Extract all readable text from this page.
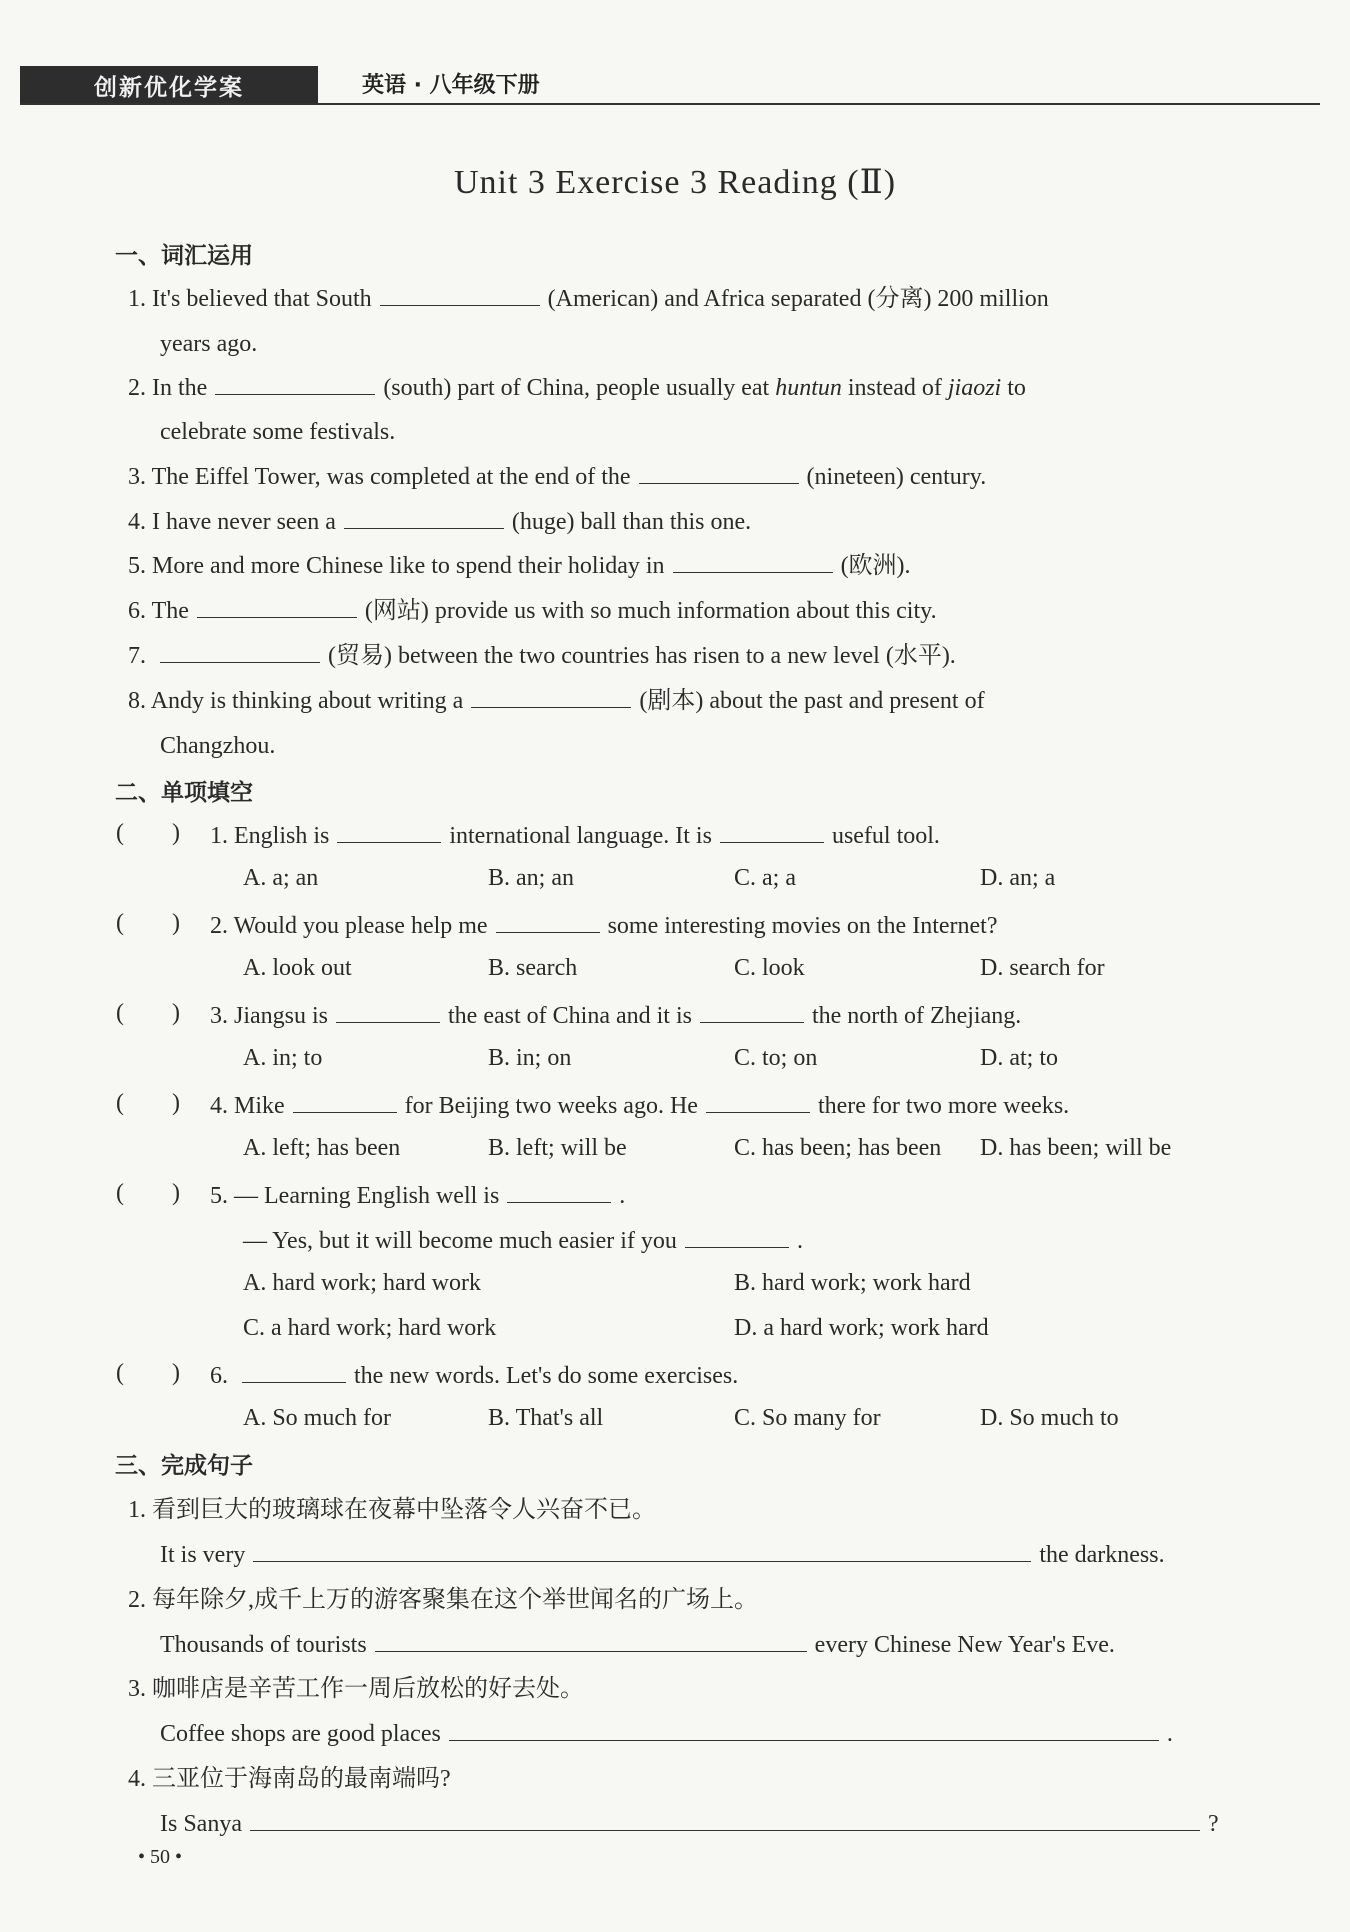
创新优化学案	英语 · 八年级下册
Unit 3 Exercise 3 Reading (Ⅱ)
一、词汇运用
1. It's believed that South	(American) and Africa separated (分离) 200 million
years ago.
2. In the	(south) part of China, people usually eat huntun instead of jiaozi to
celebrate some festivals.
3. The Eiffel Tower, was completed at the end of the	(nineteen) century.
4. I have never seen a	(huge) ball than this one.
5. More and more Chinese like to spend their holiday in	(欧洲).
6. The	(网站) provide us with so much information about this city.
7.	(贸易) between the two countries has risen to a new level (水平).
8. Andy is thinking about writing a	(剧本) about the past and present of
Changzhou.
二、单项填空
(        ) 1. English is	international language. It is	useful tool.
A. a; an	B. an; an	C. a; a	D. an; a
(        ) 2. Would you please help me	some interesting movies on the Internet?
A. look out	B. search	C. look	D. search for
(        ) 3. Jiangsu is	the east of China and it is	the north of Zhejiang.
A. in; to	B. in; on	C. to; on	D. at; to
(        ) 4. Mike	for Beijing two weeks ago. He	there for two more weeks.
A. left; has been	B. left; will be	C. has been; has been D. has been; will be
(        ) 5. — Learning English well is	.
— Yes, but it will become much easier if you	.
A. hard work; hard work	B. hard work; work hard
C. a hard work; hard work	D. a hard work; work hard
(        ) 6.	the new words. Let's do some exercises.
A. So much for	B. That's all	C. So many for	D. So much to
三、完成句子
1. 看到巨大的玻璃球在夜幕中坠落令人兴奋不已。
It is very	the darkness.
2. 每年除夕,成千上万的游客聚集在这个举世闻名的广场上。
Thousands of tourists	every Chinese New Year's Eve.
3. 咖啡店是辛苦工作一周后放松的好去处。
Coffee shops are good places	.
4. 三亚位于海南岛的最南端吗?
Is Sanya	?
• 50 •
